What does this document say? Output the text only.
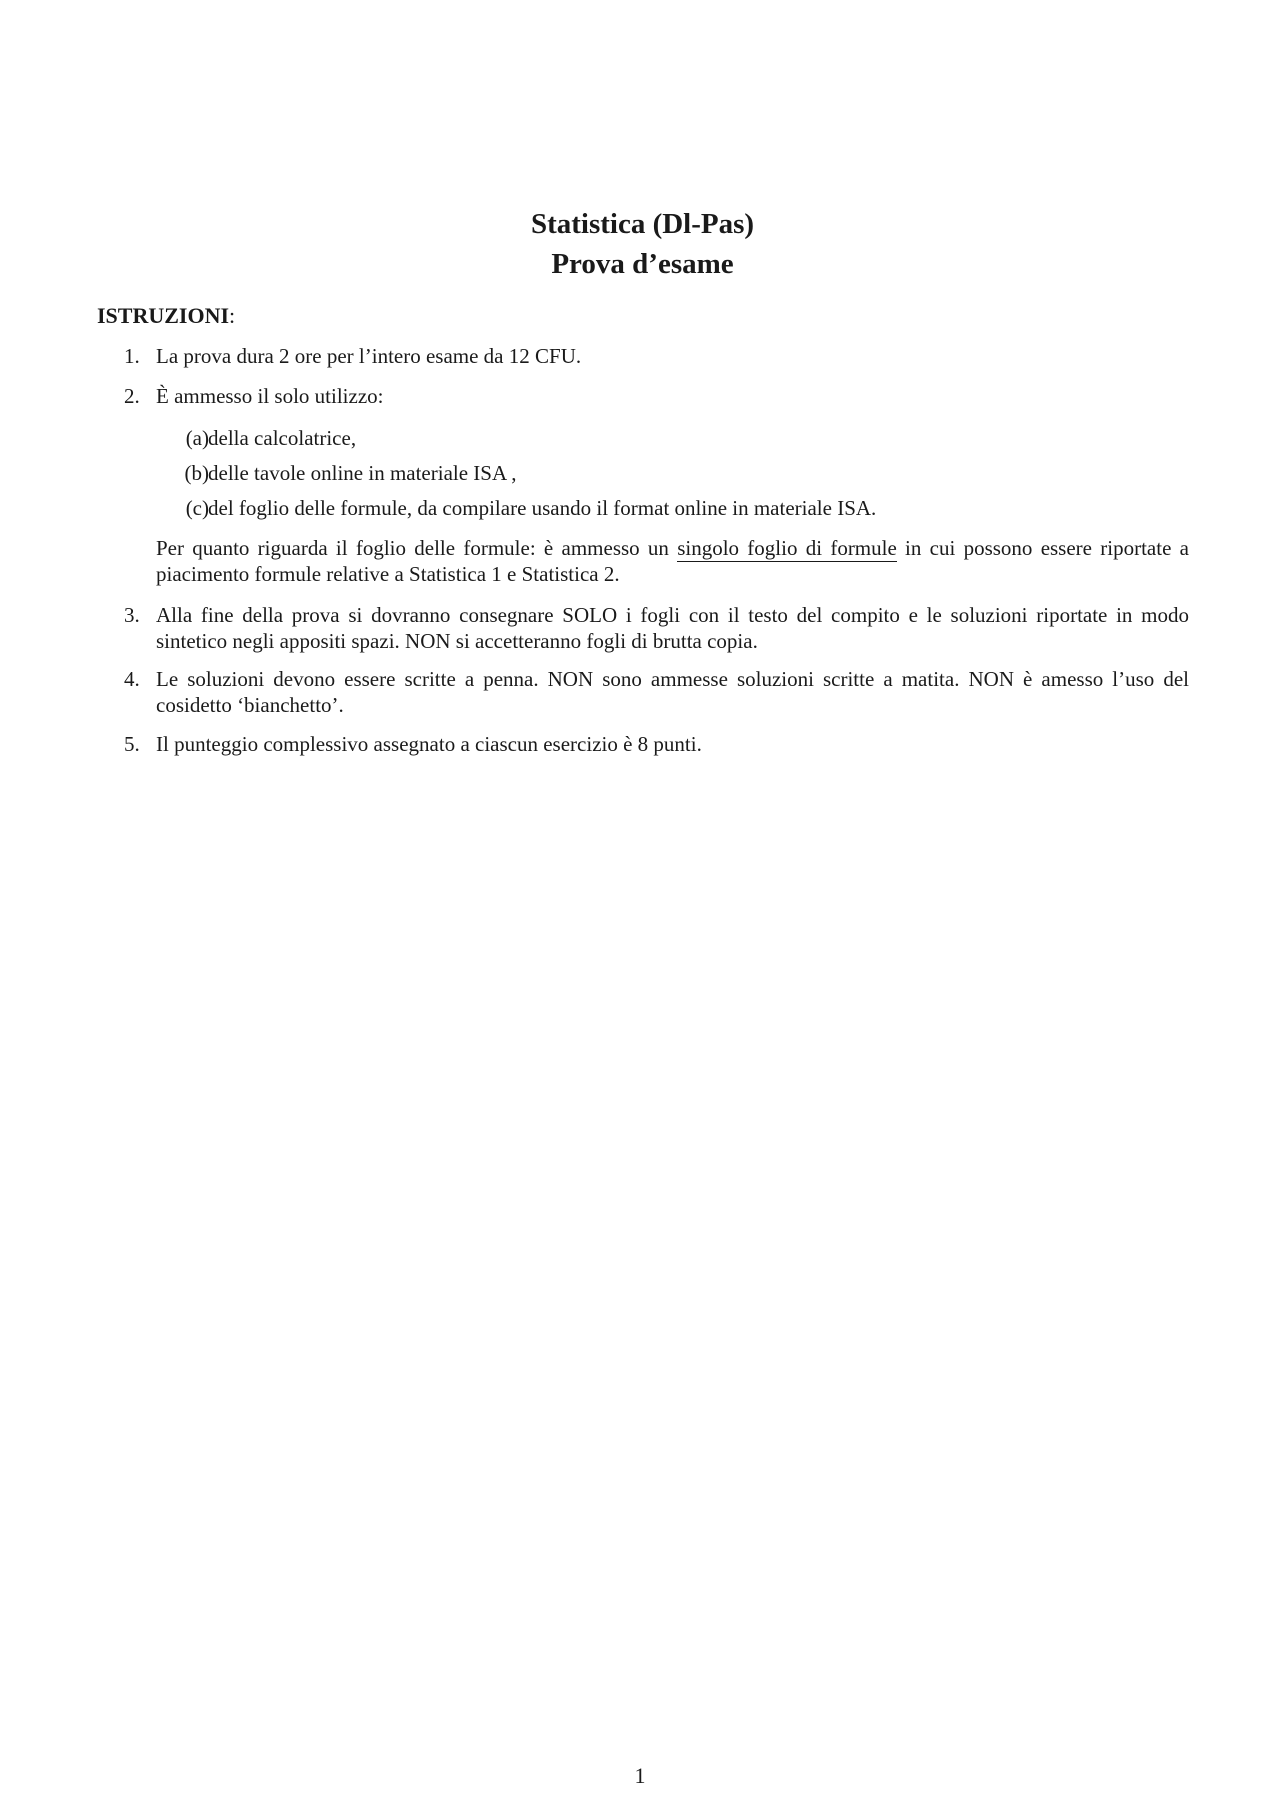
Statistica (Dl-Pas)
Prova d’esame
ISTRUZIONI:
1. La prova dura 2 ore per l’intero esame da 12 CFU.
2. È ammesso il solo utilizzo:
(a) della calcolatrice,
(b) delle tavole online in materiale ISA ,
(c) del foglio delle formule, da compilare usando il format online in materiale ISA.
Per quanto riguarda il foglio delle formule: è ammesso un singolo foglio di formule in cui possono essere riportate a piacimento formule relative a Statistica 1 e Statistica 2.
3. Alla fine della prova si dovranno consegnare SOLO i fogli con il testo del compito e le soluzioni riportate in modo sintetico negli appositi spazi. NON si accetteranno fogli di brutta copia.
4. Le soluzioni devono essere scritte a penna. NON sono ammesse soluzioni scritte a matita. NON è amesso l’uso del cosidetto ‘bianchetto’.
5. Il punteggio complessivo assegnato a ciascun esercizio è 8 punti.
1
